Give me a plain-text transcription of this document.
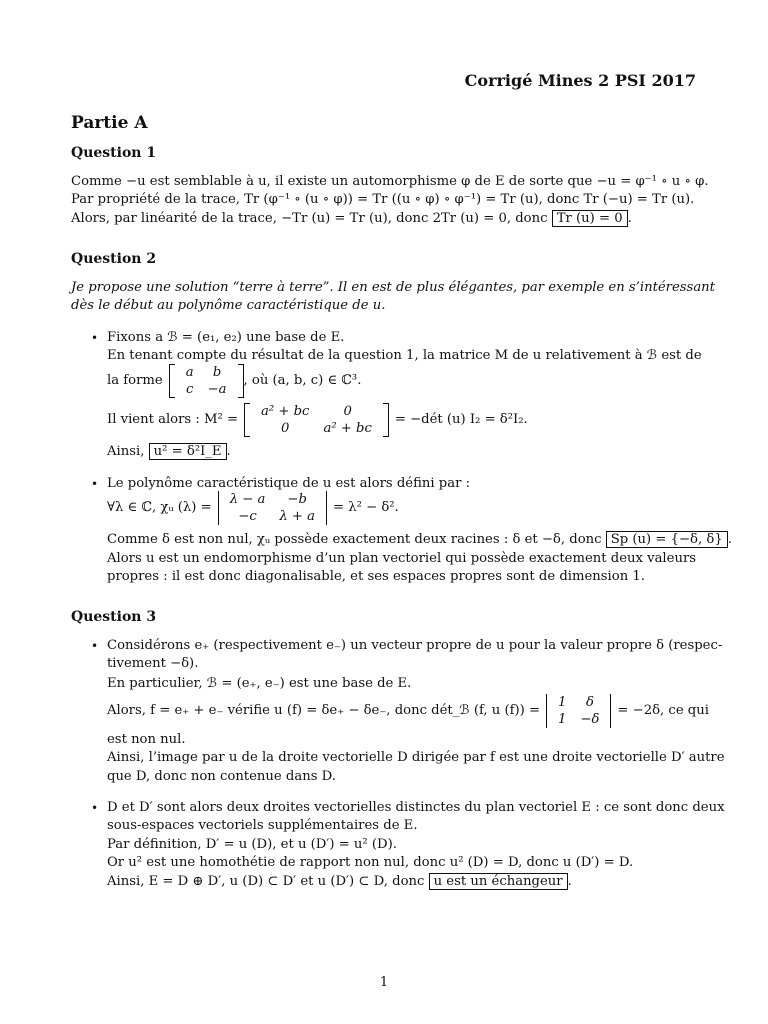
Corrigé Mines 2 PSI 2017
Partie A
Question 1
Comme −u est semblable à u, il existe un automorphisme φ de E de sorte que −u = φ⁻¹ ∘ u ∘ φ.
Par propriété de la trace, Tr (φ⁻¹ ∘ (u ∘ φ)) = Tr ((u ∘ φ) ∘ φ⁻¹) = Tr (u), donc Tr (−u) = Tr (u).
Alors, par linéarité de la trace, −Tr (u) = Tr (u), donc 2Tr (u) = 0, donc Tr (u) = 0 .
Question 2
Je propose une solution “terre à terre”. Il en est de plus élégantes, par exemple en s’intéressant
dès le début au polynôme caractéristique de u.
• Fixons a ℬ = (e₁, e₂) une base de E.
En tenant compte du résultat de la question 1, la matrice M de u relativement à ℬ est de
la forme
a	b
c	−a
, où (a, b, c) ∈ ℂ³.
Il vient alors : M² =
a² + bc	0
0	a² + bc
= −dét (u) I₂ = δ²I₂.
Ainsi, u² = δ²I_E .
• Le polynôme caractéristique de u est alors défini par :
∀λ ∈ ℂ, χᵤ (λ) =
λ − a	−b
−c	λ + a
= λ² − δ².
Comme δ est non nul, χᵤ possède exactement deux racines : δ et −δ, donc Sp (u) = {−δ, δ} .
Alors u est un endomorphisme d’un plan vectoriel qui possède exactement deux valeurs
propres : il est donc diagonalisable, et ses espaces propres sont de dimension 1.
Question 3
• Considérons e₊ (respectivement e₋) un vecteur propre de u pour la valeur propre δ (respec-
tivement −δ).
En particulier, ℬ = (e₊, e₋) est une base de E.
Alors, f = e₊ + e₋ vérifie u (f) = δe₊ − δe₋, donc dét_ℬ (f, u (f)) =
1	δ
1	−δ
= −2δ, ce qui
est non nul.
Ainsi, l’image par u de la droite vectorielle D dirigée par f est une droite vectorielle D′ autre
que D, donc non contenue dans D.
• D et D′ sont alors deux droites vectorielles distinctes du plan vectoriel E : ce sont donc deux
sous-espaces vectoriels supplémentaires de E.
Par définition, D′ = u (D), et u (D′) = u² (D).
Or u² est une homothétie de rapport non nul, donc u² (D) = D, donc u (D′) = D.
Ainsi, E = D ⊕ D′, u (D) ⊂ D′ et u (D′) ⊂ D, donc u est un échangeur .
1
